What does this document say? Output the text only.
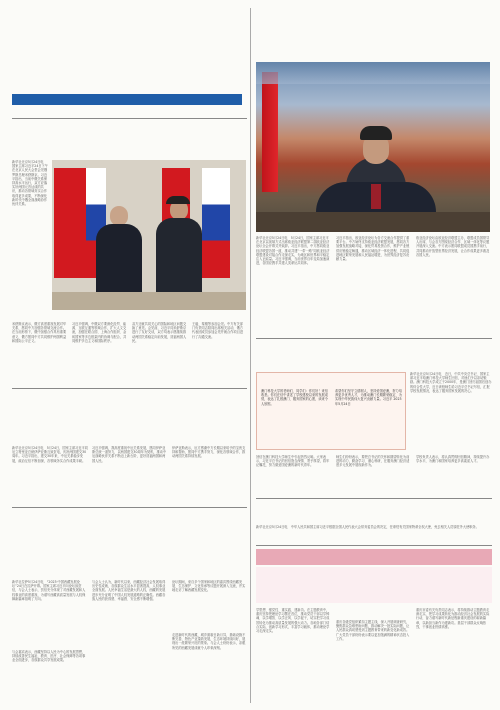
新华社北京5月24日电　5月24日，国家主席习近平在北京以视频方式出席欧亚经济联盟第二届欧亚经济论坛全会开幕式并致辞。习近平指出，中方愿同欧亚经济联盟各国一道，推动共建“一带一路”同欧亚经济联盟建设对接合作走深走实，为地区和世界和平稳定注入正能量。习近平强调，当前世界百年变局加速演进，各国应携手共建人类命运共同体。
习近平指出，欧亚经济论坛为各方交流合作提供了重要平台。中方始终支持欧亚经济联盟发展，愿同各方加强发展战略对接，深化贸易投资合作，维护产业链供应链稳定畅通，推动区域经济一体化进程，共同促进地区繁荣发展和人民福祉增进，为世界经济复苏贡献力量。
欧亚经济论坛由欧亚经济联盟主办，联盟成员国领导人出席，与会各方围绕经济合作、区域一体化等议题开展深入交流。中方表示愿同联盟成员国携手前行，共同推动开放型世界经济发展，让合作成果更多惠及各国人民。
新华社北京5月24日电　国家主席习近平24日下午在北京人民大会堂会见俄罗斯总理米舒斯京。习近平指出，当前中俄关系保持高水平运行，双方应落实好两国元首达成的共识，推动各领域务实合作取得更多成果，不断深化新时代中俄全面战略协作伙伴关系。
米舒斯京表示，俄方高度重视发展对华关系，愿同中方加强各领域交流合作。在当前形势下，俄中加强合作具有重要意义，俄方愿同中方共同维护两国利益和国际公平正义。
习近平强调，中俄双方要深化经贸、能源、互联互通等领域合作，扩大人文交流，加强在联合国、上海合作组织、金砖国家等多边框架内的协调与配合，共同维护多边主义和国际秩序。
双方还就共同关心的国际和地区问题交换了意见。会见前，习近平同米舒斯京进行了友好交谈，双方均表示愿继续推动两国关系稳定向前发展，造福两国人民。
王毅、秦刚等参加会见。中方有关部门负责同志陪同出席相关活动，俄方代表团成员参加会见并就合作项目进行了沟通交流。
新华社北京5月24日电　5月24日，国家主席习近平同厄立特里亚总统伊萨亚斯互致贺电，庆祝两国建交30周年。习近平指出，建交30年来，中厄关系稳步发展，政治互信不断加深，各领域务实合作成果丰硕。
习近平强调，我高度重视中厄关系发展，愿同伊萨亚斯总统一道努力，以两国建交30周年为契机，推动中厄战略伙伴关系不断迈上新台阶，更好造福两国和两国人民。
伊萨亚斯表示，厄方感谢中方长期以来给予的宝贵支持和帮助，愿同中方携手努力，深化各领域合作，推动两国关系持续发展。
新华社拉萨5月24日电　“2023·中国西藏发展论坛”24日在拉萨开幕。国家主席习近平向论坛致贺信，与会人士表示，贺信充分体现了对西藏发展和人权事业的高度重视，为谱写西藏高质量发展与人权保障新篇章指明了方向。
与会人士认为，新时代以来，西藏经济社会发展取得历史性成就，各族群众生活水平显著提高，人权事业全面发展。人民幸福生活是最大的人权，西藏的发展进步充分证明了中国人权发展道路的正确性。西藏各族人民的获得感、幸福感、安全感不断增强。
论坛期间，来自多个国家和地区的嘉宾围绕西藏发展、生态保护、文化传承等议题开展深入交流，并实地走访了解西藏发展变化。
与会嘉宾表示，西藏坚持以人民为中心的发展思想，持续改善民生福祉，教育、医疗、社会保障等各项事业全面进步，各族群众共享发展成果。
走进新时代的西藏，城乡面貌日新月异，基础设施不断完善，特色产业蓬勃发展，生态环境持续向好，展现出一派繁荣兴旺的景象。与会人士纷纷表示，亲眼所见的西藏发展成就令人印象深刻。
澳门科技大学的老师们、同学们：你们好！来信收悉。你们在信中讲述了学校建校以来的发展成绩，表达了扎根澳门、服务国家的心愿，读来令人欣慰。
希望你们坚守立德树人，坚持爱国爱澳，努力培养更多优秀人才，为推动澳门长期繁荣稳定、为实现中华民族伟大复兴贡献力量。习近平 2023年5月24日
新华社北京5月24日电　近日，中共中央总书记、国家主席习近平给澳门科技大学师生回信，对他们予以亲切勉励。澳门科技大学成立于2000年，是澳门回归祖国后创办的综合性大学，近日该校师生给习近平总书记写信，汇报学校发展情况，表达了服务国家发展的决心。
回信在澳门科技大学师生中引起热烈反响。大家表示，习近平总书记的回信饱含深情、寄予厚望，将牢记嘱托，努力做爱国爱澳的新时代青年。
师生们纷纷表示，要把总书记的关怀和期望转化为前进的动力，勤奋学习、潜心科研，在服务澳门经济适度多元发展中展现新作为。
学校负责人表示，将认真贯彻回信精神，持续提升办学水平，为澳门和国家培养更多高素质人才。
新华社北京5月24日电　中华人民共和国主席习近平根据全国人民代表大会常务委员会的决定，任命驻有关国家特命全权大使，免去相关人员原驻外大使职务。
学思想、强党性、重实践、建新功。在主题教育中，重庆坚持把理论学习摆在首位，推动党员干部以学铸魂、以学增智、以学正风、以学促干，切实把学习成效转化为推动高质量发展的强大动力。各地各部门结合实际，创新学习形式，丰富学习载体，推动理论学习走深走实。
重庆各级党组织紧扣主题主线，深入开展调查研究，聚焦群众急难愁盼问题，推动解决一批实际问题，让人民群众真切感受到主题教育带来的新变化新成效。广大党员干部纷纷表示要以更加饱满的精神状态投入工作。
重庆市委有关负责同志表示，将持续推动主题教育走深走实，把学习成果转化为推动经济社会发展的实际行动，奋力谱写新时代新征程新重庆建设的崭新篇章，以新担当新作为建新功。基层干部群众反响热烈，干事创业热情高涨。
